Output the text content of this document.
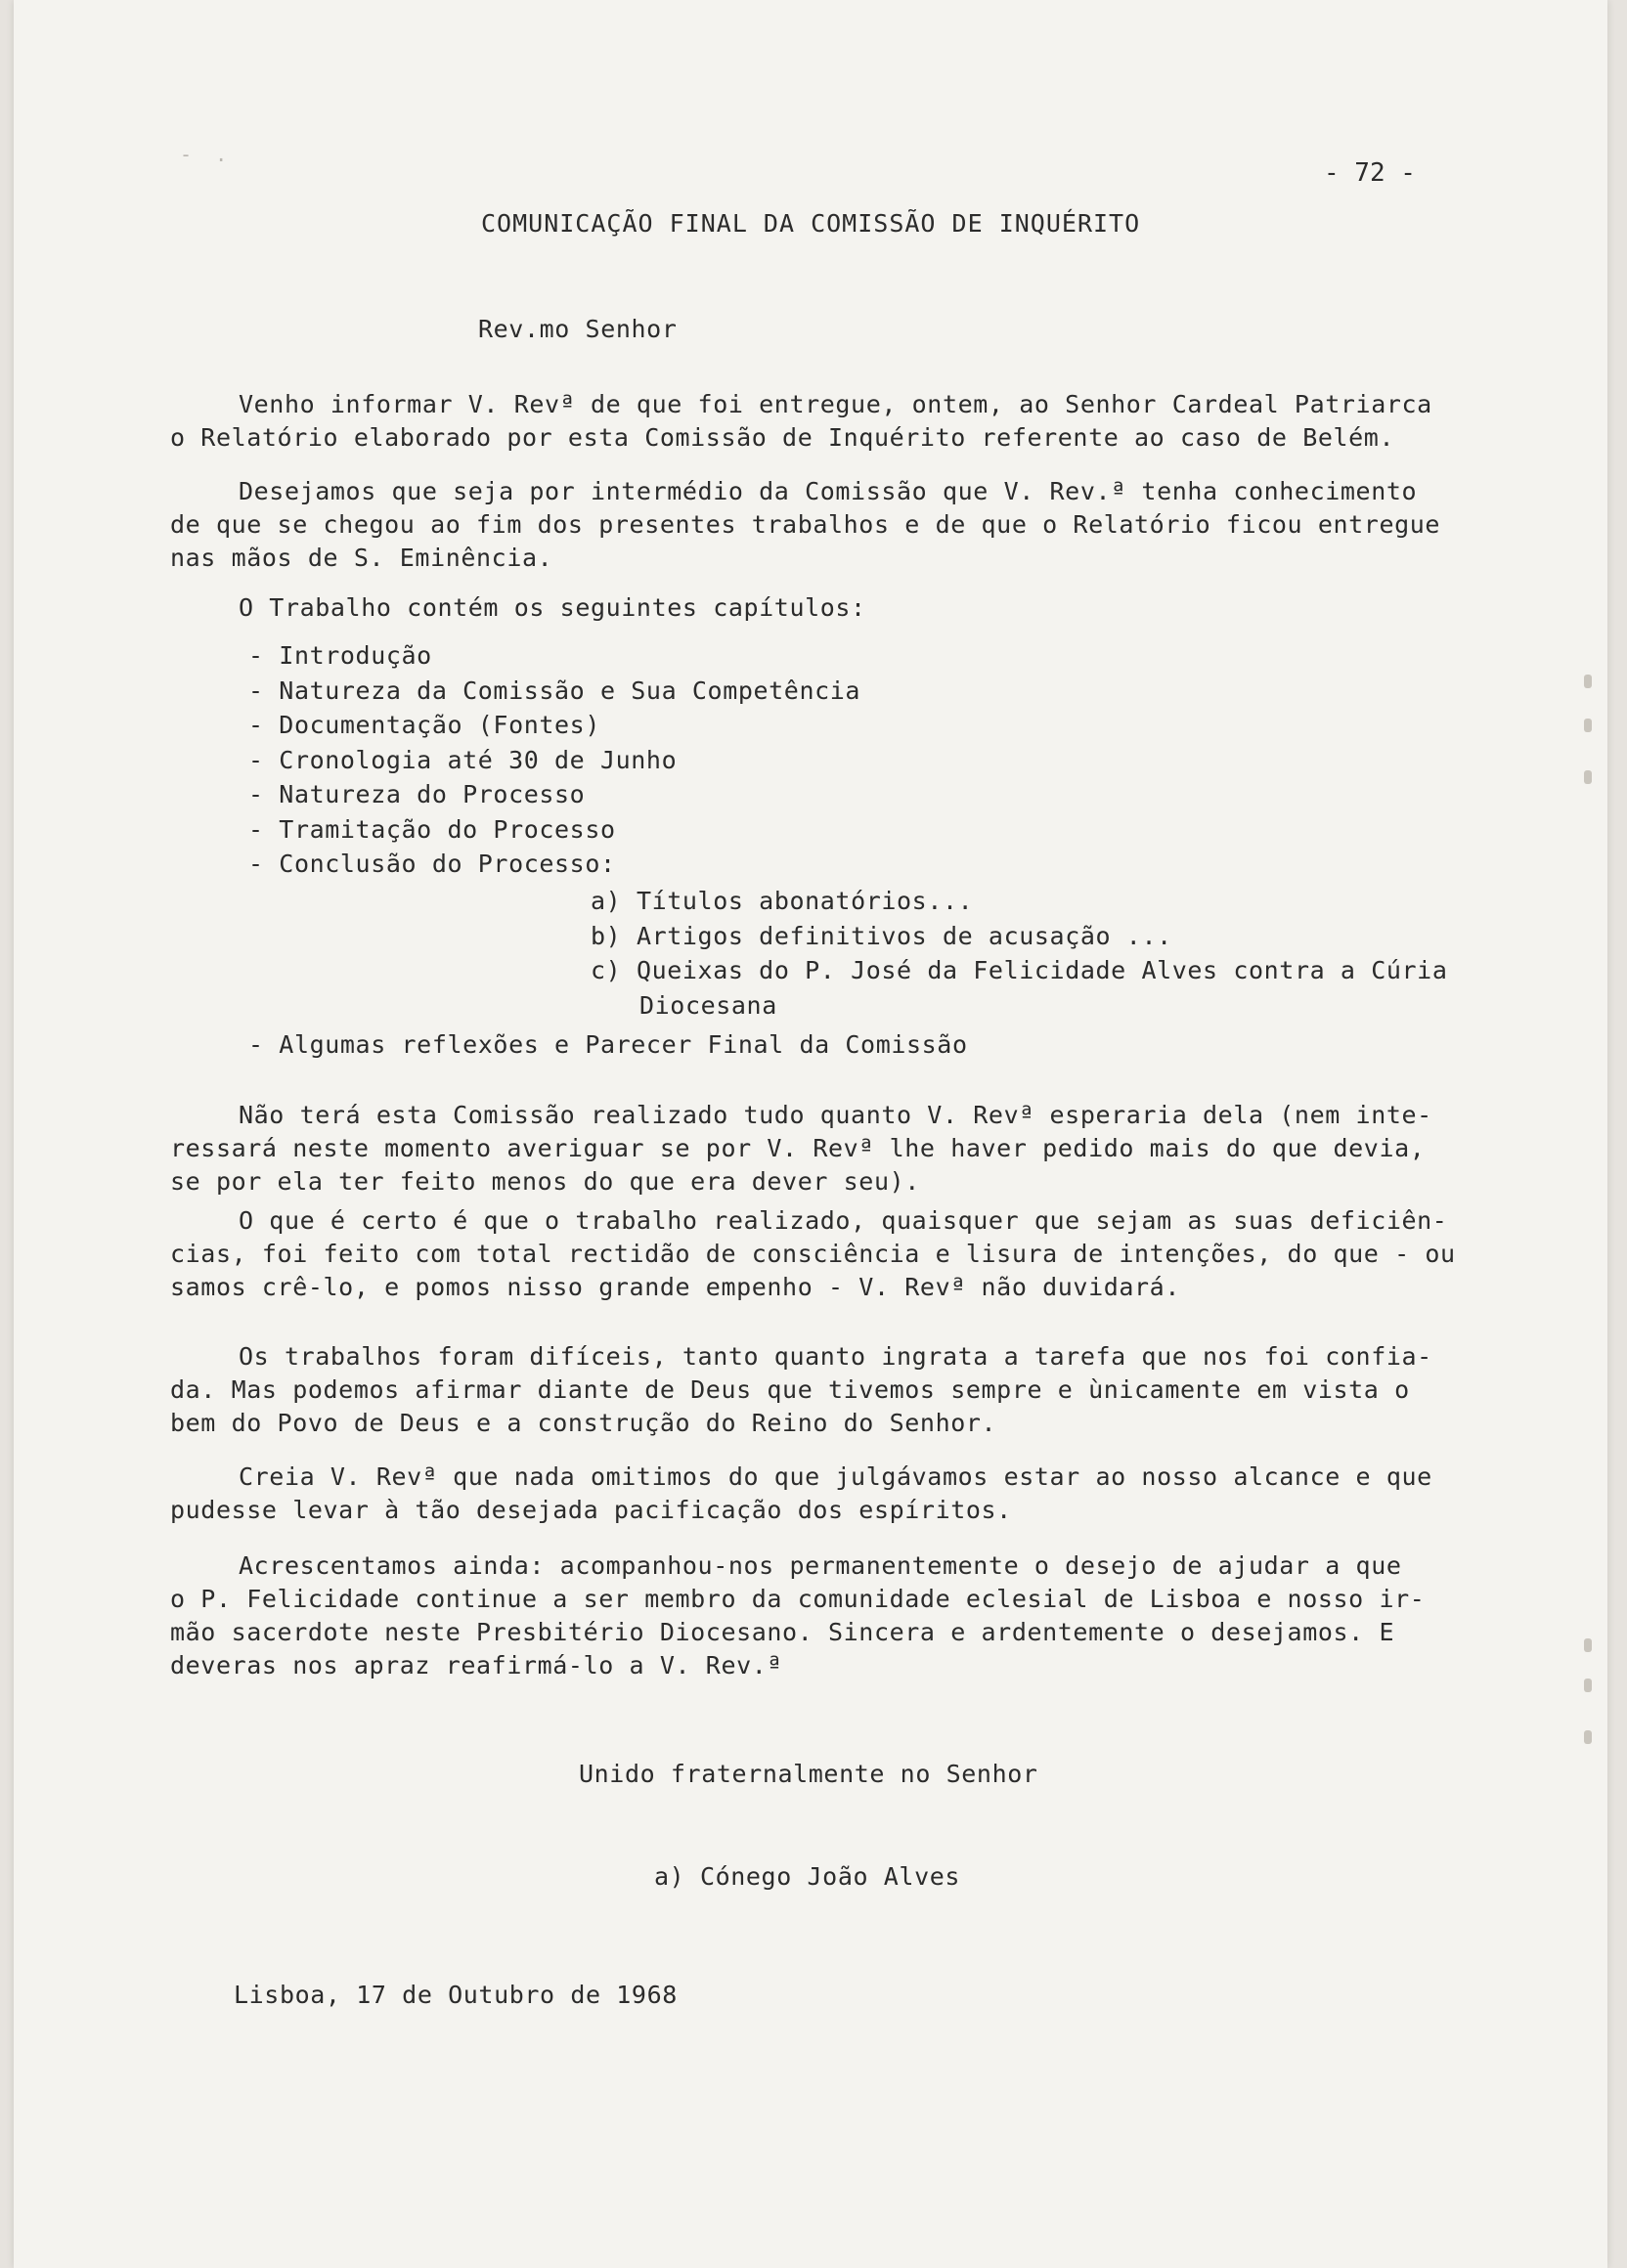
-  .
- 72 -
COMUNICAÇÃO FINAL DA COMISSÃO DE INQUÉRITO
Rev.mo Senhor
Venho informar V. Revª de que foi entregue, ontem, ao Senhor Cardeal Patriarca
o Relatório elaborado por esta Comissão de Inquérito referente ao caso de Belém.
Desejamos que seja por intermédio da Comissão que V. Rev.ª tenha conhecimento
de que se chegou ao fim dos presentes trabalhos e de que o Relatório ficou entregue
nas mãos de S. Eminência.
O Trabalho contém os seguintes capítulos:
- Introdução
- Natureza da Comissão e Sua Competência
- Documentação (Fontes)
- Cronologia até 30 de Junho
- Natureza do Processo
- Tramitação do Processo
- Conclusão do Processo:
a) Títulos abonatórios...
b) Artigos definitivos de acusação ...
c) Queixas do P. José da Felicidade Alves contra a Cúria
Diocesana
- Algumas reflexões e Parecer Final da Comissão
Não terá esta Comissão realizado tudo quanto V. Revª esperaria dela (nem inte-
ressará neste momento averiguar se por V. Revª lhe haver pedido mais do que devia,
se por ela ter feito menos do que era dever seu).
O que é certo é que o trabalho realizado, quaisquer que sejam as suas deficiên-
cias, foi feito com total rectidão de consciência e lisura de intenções, do que - ou
samos crê-lo, e pomos nisso grande empenho - V. Revª não duvidará.
Os trabalhos foram difíceis, tanto quanto ingrata a tarefa que nos foi confia-
da. Mas podemos afirmar diante de Deus que tivemos sempre e ùnicamente em vista o
bem do Povo de Deus e a construção do Reino do Senhor.
Creia V. Revª que nada omitimos do que julgávamos estar ao nosso alcance e que
pudesse levar à tão desejada pacificação dos espíritos.
Acrescentamos ainda: acompanhou-nos permanentemente o desejo de ajudar a que
o P. Felicidade continue a ser membro da comunidade eclesial de Lisboa e nosso ir-
mão sacerdote neste Presbitério Diocesano. Sincera e ardentemente o desejamos. E
deveras nos apraz reafirmá-lo a V. Rev.ª
Unido fraternalmente no Senhor
a) Cónego João Alves
Lisboa, 17 de Outubro de 1968
